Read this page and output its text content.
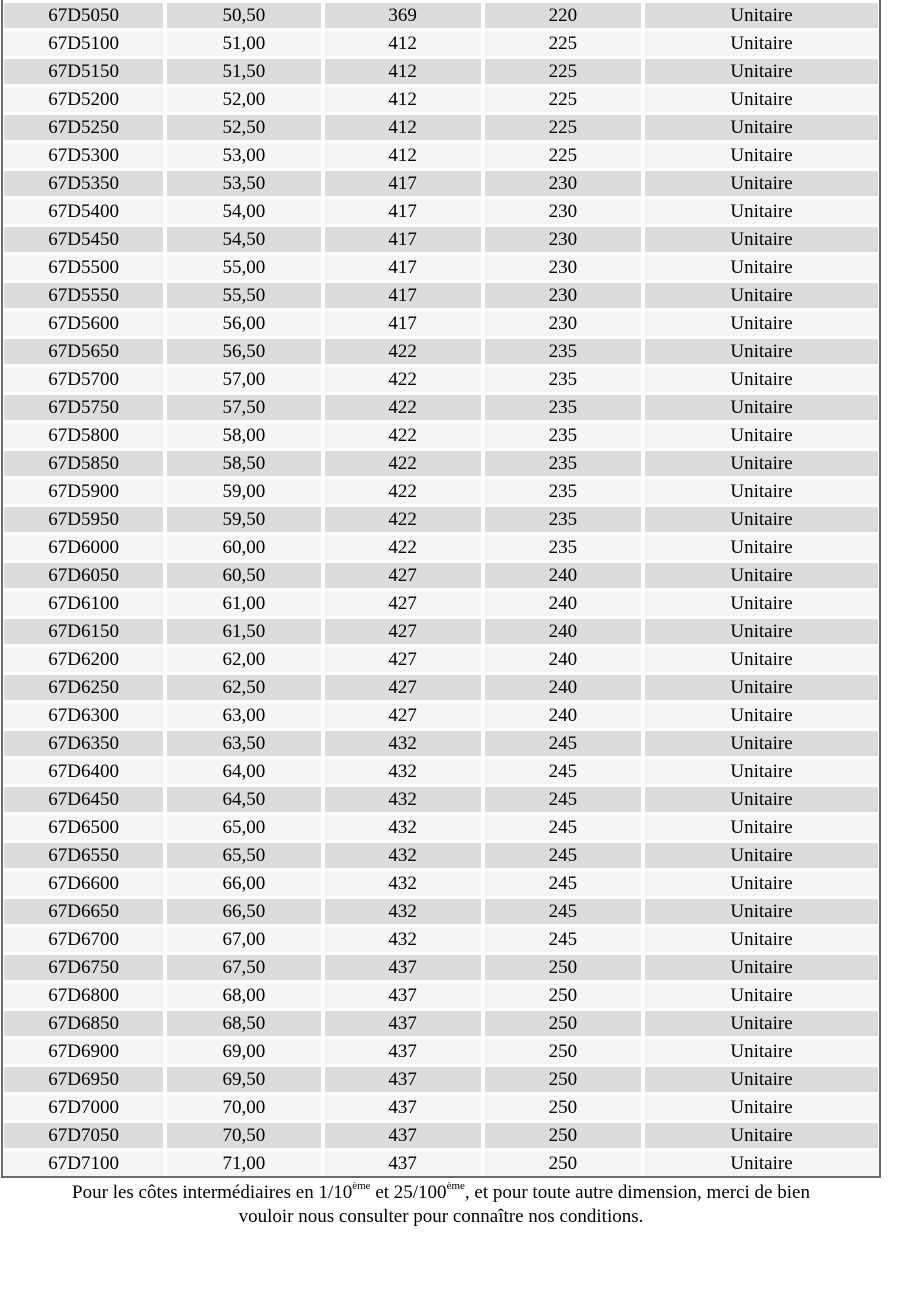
67D5050	50,50	369	220	Unitaire
67D5100	51,00	412	225	Unitaire
67D5150	51,50	412	225	Unitaire
67D5200	52,00	412	225	Unitaire
67D5250	52,50	412	225	Unitaire
67D5300	53,00	412	225	Unitaire
67D5350	53,50	417	230	Unitaire
67D5400	54,00	417	230	Unitaire
67D5450	54,50	417	230	Unitaire
67D5500	55,00	417	230	Unitaire
67D5550	55,50	417	230	Unitaire
67D5600	56,00	417	230	Unitaire
67D5650	56,50	422	235	Unitaire
67D5700	57,00	422	235	Unitaire
67D5750	57,50	422	235	Unitaire
67D5800	58,00	422	235	Unitaire
67D5850	58,50	422	235	Unitaire
67D5900	59,00	422	235	Unitaire
67D5950	59,50	422	235	Unitaire
67D6000	60,00	422	235	Unitaire
67D6050	60,50	427	240	Unitaire
67D6100	61,00	427	240	Unitaire
67D6150	61,50	427	240	Unitaire
67D6200	62,00	427	240	Unitaire
67D6250	62,50	427	240	Unitaire
67D6300	63,00	427	240	Unitaire
67D6350	63,50	432	245	Unitaire
67D6400	64,00	432	245	Unitaire
67D6450	64,50	432	245	Unitaire
67D6500	65,00	432	245	Unitaire
67D6550	65,50	432	245	Unitaire
67D6600	66,00	432	245	Unitaire
67D6650	66,50	432	245	Unitaire
67D6700	67,00	432	245	Unitaire
67D6750	67,50	437	250	Unitaire
67D6800	68,00	437	250	Unitaire
67D6850	68,50	437	250	Unitaire
67D6900	69,00	437	250	Unitaire
67D6950	69,50	437	250	Unitaire
67D7000	70,00	437	250	Unitaire
67D7050	70,50	437	250	Unitaire
67D7100	71,00	437	250	Unitaire
Pour les côtes intermédiaires en 1/10ème et 25/100ème, et pour toute autre dimension, merci de bien
vouloir nous consulter pour connaître nos conditions.
